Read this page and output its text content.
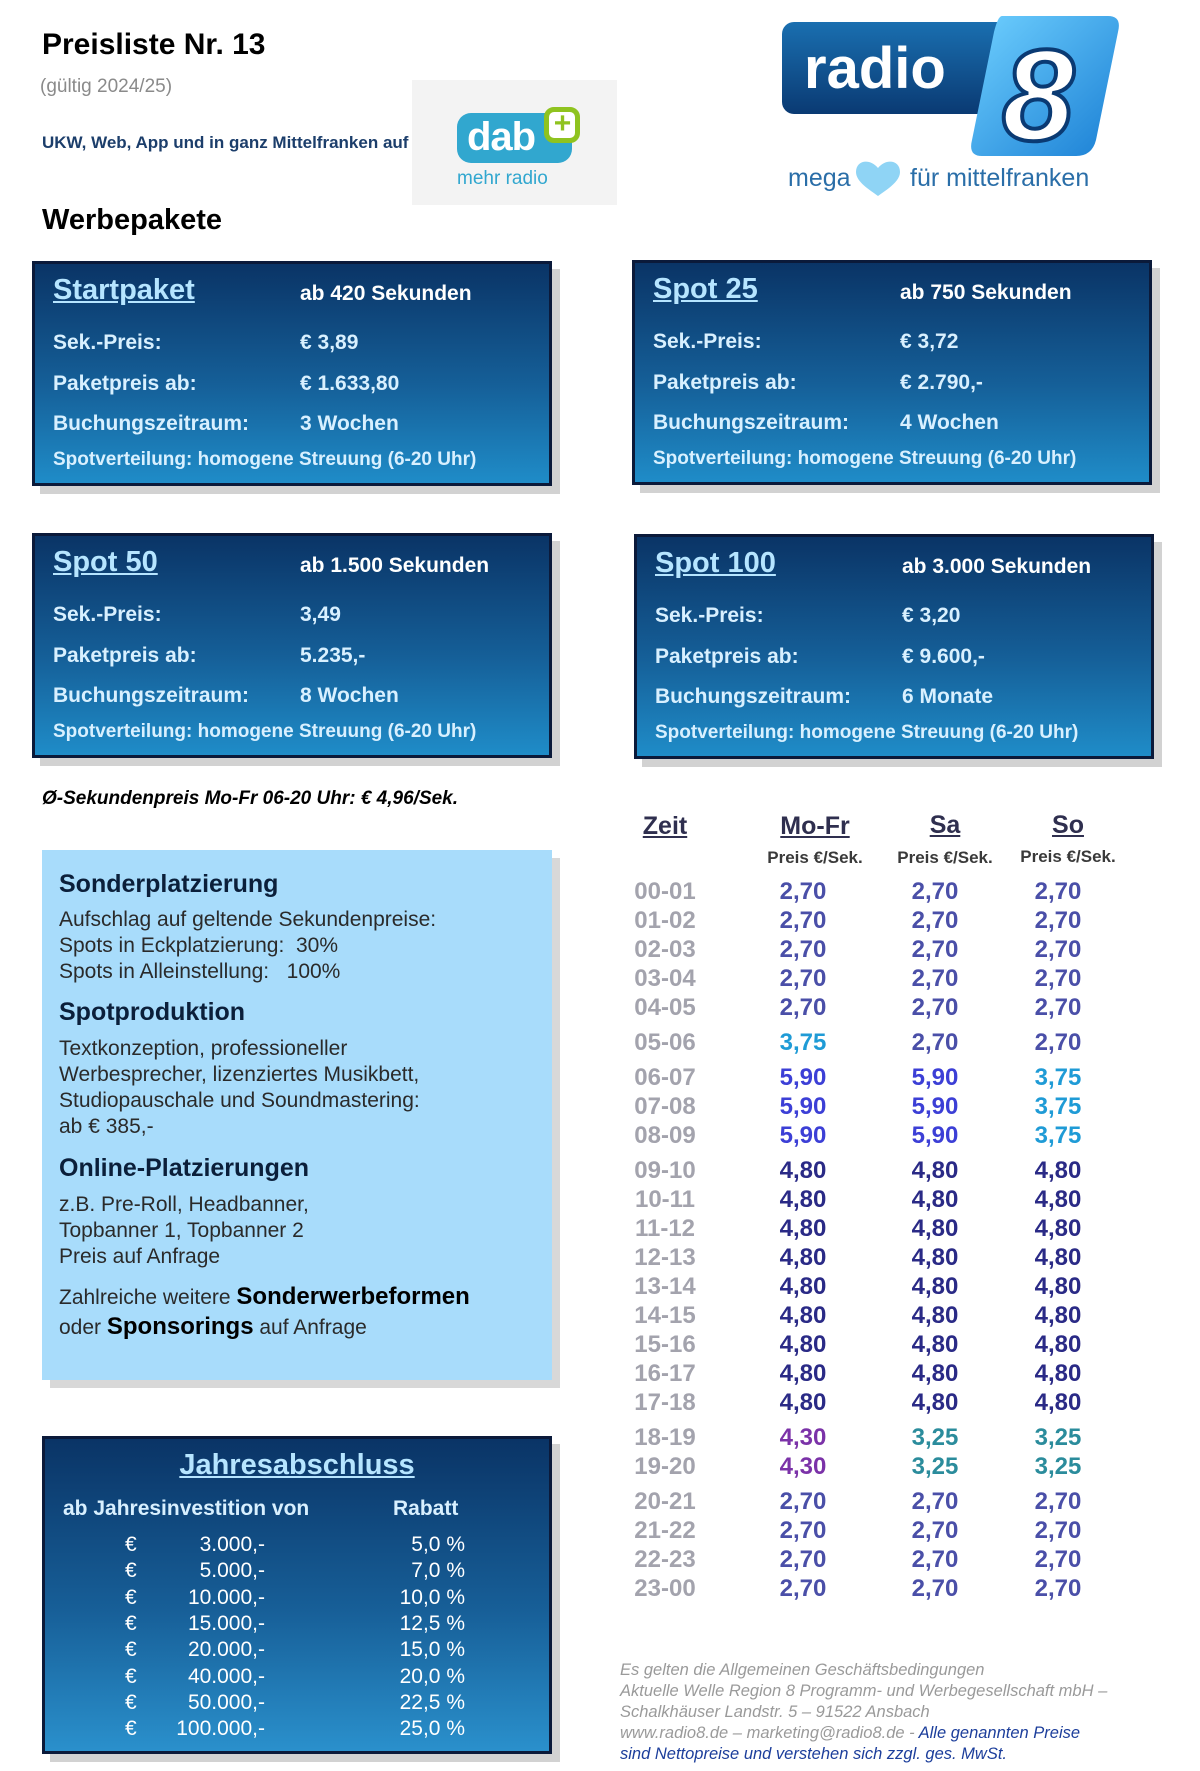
Preisliste Nr. 13
(gültig 2024/25)
UKW, Web, App und in ganz Mittelfranken auf dab +
mehr radio
radio 8
mega für mittelfranken
Werbepakete
Startpaket	ab 420 Sekunden
Sek.-Preis:	€ 3,89
Paketpreis ab:	€ 1.633,80
Buchungszeitraum: 3 Wochen
Spotverteilung: homogene Streuung (6-20 Uhr)
Spot 25	ab 750 Sekunden
Sek.-Preis:	€ 3,72
Paketpreis ab:	€ 2.790,-
Buchungszeitraum: 4 Wochen
Spotverteilung: homogene Streuung (6-20 Uhr)
Spot 50	ab 1.500 Sekunden
Sek.-Preis:	3,49
Paketpreis ab:	5.235,-
Buchungszeitraum: 8 Wochen
Spotverteilung: homogene Streuung (6-20 Uhr)
Spot 100	ab 3.000 Sekunden
Sek.-Preis:	€ 3,20
Paketpreis ab:	€ 9.600,-
Buchungszeitraum: 6 Monate
Spotverteilung: homogene Streuung (6-20 Uhr)
Ø-Sekundenpreis Mo-Fr 06-20 Uhr: € 4,96/Sek.
Sonderplatzierung
Aufschlag auf geltende Sekundenpreise:
Spots in Eckplatzierung:  30%
Spots in Alleinstellung:   100%
Spotproduktion
Textkonzeption, professioneller
Werbesprecher, lizenziertes Musikbett,
Studiopauschale und Soundmastering:
ab € 385,-
Online-Platzierungen
z.B. Pre-Roll, Headbanner,
Topbanner 1, Topbanner 2
Preis auf Anfrage
Zahlreiche weitere Sonderwerbeformen
oder Sponsorings auf Anfrage
Jahresabschluss
ab Jahresinvestition von	Rabatt
€	3.000,-	5,0 %
€	5.000,-	7,0 %
€	10.000,-	10,0 %
€	15.000,-	12,5 %
€	20.000,-	15,0 %
€	40.000,-	20,0 %
€	50.000,-	22,5 %
€	100.000,-	25,0 %
Zeit	Mo-Fr	Sa	So
Preis €/Sek.	Preis €/Sek.	Preis €/Sek.
00-01	2,70	2,70	2,70
01-02	2,70	2,70	2,70
02-03	2,70	2,70	2,70
03-04	2,70	2,70	2,70
04-05	2,70	2,70	2,70
05-06	3,75	2,70	2,70
06-07	5,90	5,90	3,75
07-08	5,90	5,90	3,75
08-09	5,90	5,90	3,75
09-10	4,80	4,80	4,80
10-11	4,80	4,80	4,80
11-12	4,80	4,80	4,80
12-13	4,80	4,80	4,80
13-14	4,80	4,80	4,80
14-15	4,80	4,80	4,80
15-16	4,80	4,80	4,80
16-17	4,80	4,80	4,80
17-18	4,80	4,80	4,80
18-19	4,30	3,25	3,25
19-20	4,30	3,25	3,25
20-21	2,70	2,70	2,70
21-22	2,70	2,70	2,70
22-23	2,70	2,70	2,70
23-00	2,70	2,70	2,70
Es gelten die Allgemeinen Geschäftsbedingungen
Aktuelle Welle Region 8 Programm- und Werbegesellschaft mbH –
Schalkhäuser Landstr. 5 – 91522 Ansbach
www.radio8.de – marketing@radio8.de - Alle genannten Preise
sind Nettopreise und verstehen sich zzgl. ges. MwSt.
